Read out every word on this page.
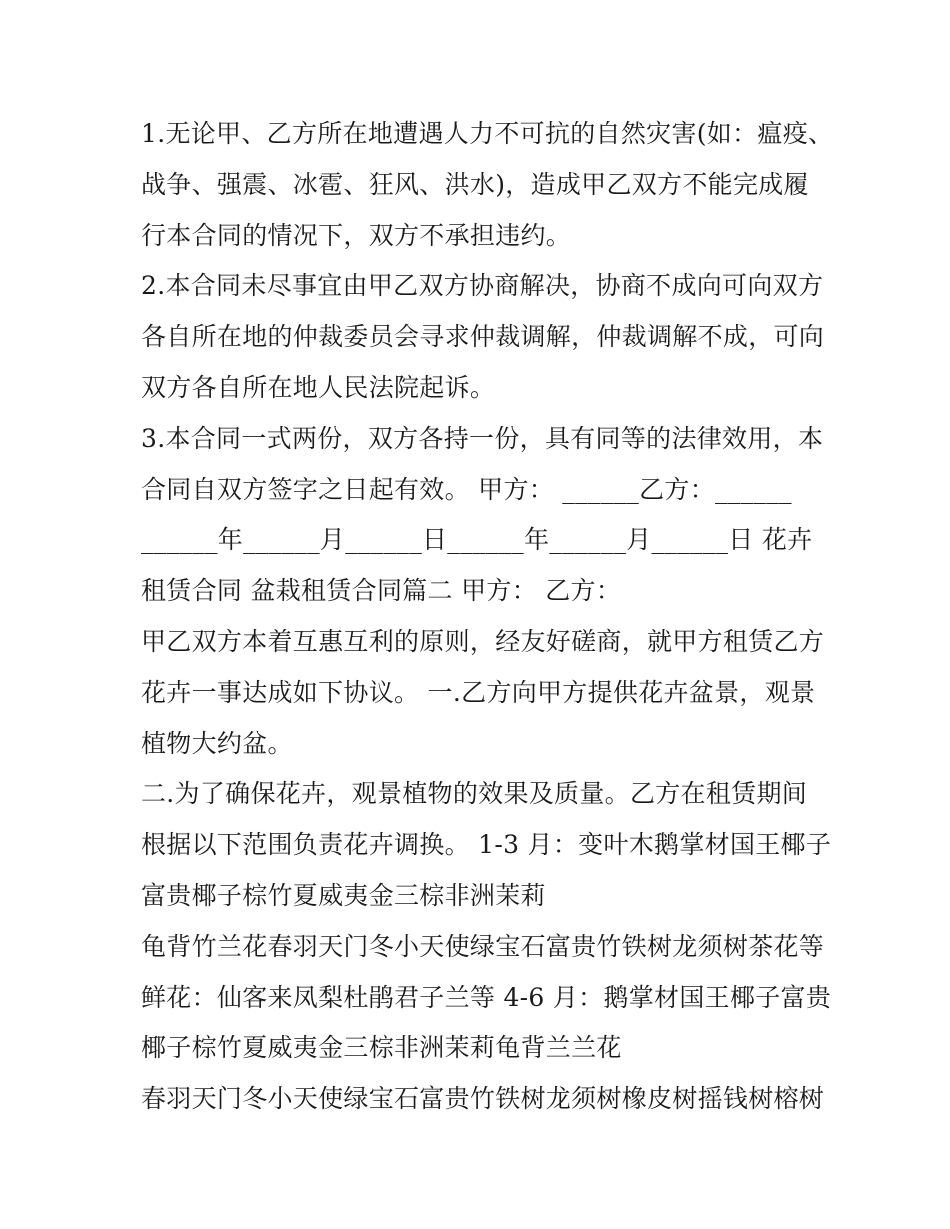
1.无论甲、乙方所在地遭遇人力不可抗的自然灾害(如：瘟疫、
战争、强震、冰雹、狂风、洪水)，造成甲乙双方不能完成履
行本合同的情况下，双方不承担违约。
2.本合同未尽事宜由甲乙双方协商解决，协商不成向可向双方
各自所在地的仲裁委员会寻求仲裁调解，仲裁调解不成，可向
双方各自所在地人民法院起诉。
3.本合同一式两份，双方各持一份，具有同等的法律效用，本
合同自双方签字之日起有效。 甲方： ______乙方：______
______年______月______日______年______月______日 花卉
租赁合同 盆栽租赁合同篇二 甲方： 乙方：
甲乙双方本着互惠互利的原则，经友好磋商，就甲方租赁乙方
花卉一事达成如下协议。 一.乙方向甲方提供花卉盆景，观景
植物大约盆。
二.为了确保花卉，观景植物的效果及质量。乙方在租赁期间
根据以下范围负责花卉调换。 1-3 月：变叶木鹅掌材国王椰子
富贵椰子棕竹夏威夷金三棕非洲茉莉
龟背竹兰花春羽天门冬小天使绿宝石富贵竹铁树龙须树茶花等
鲜花：仙客来凤梨杜鹃君子兰等 4-6 月：鹅掌材国王椰子富贵
椰子棕竹夏威夷金三棕非洲茉莉龟背兰兰花
春羽天门冬小天使绿宝石富贵竹铁树龙须树橡皮树摇钱树榕树
